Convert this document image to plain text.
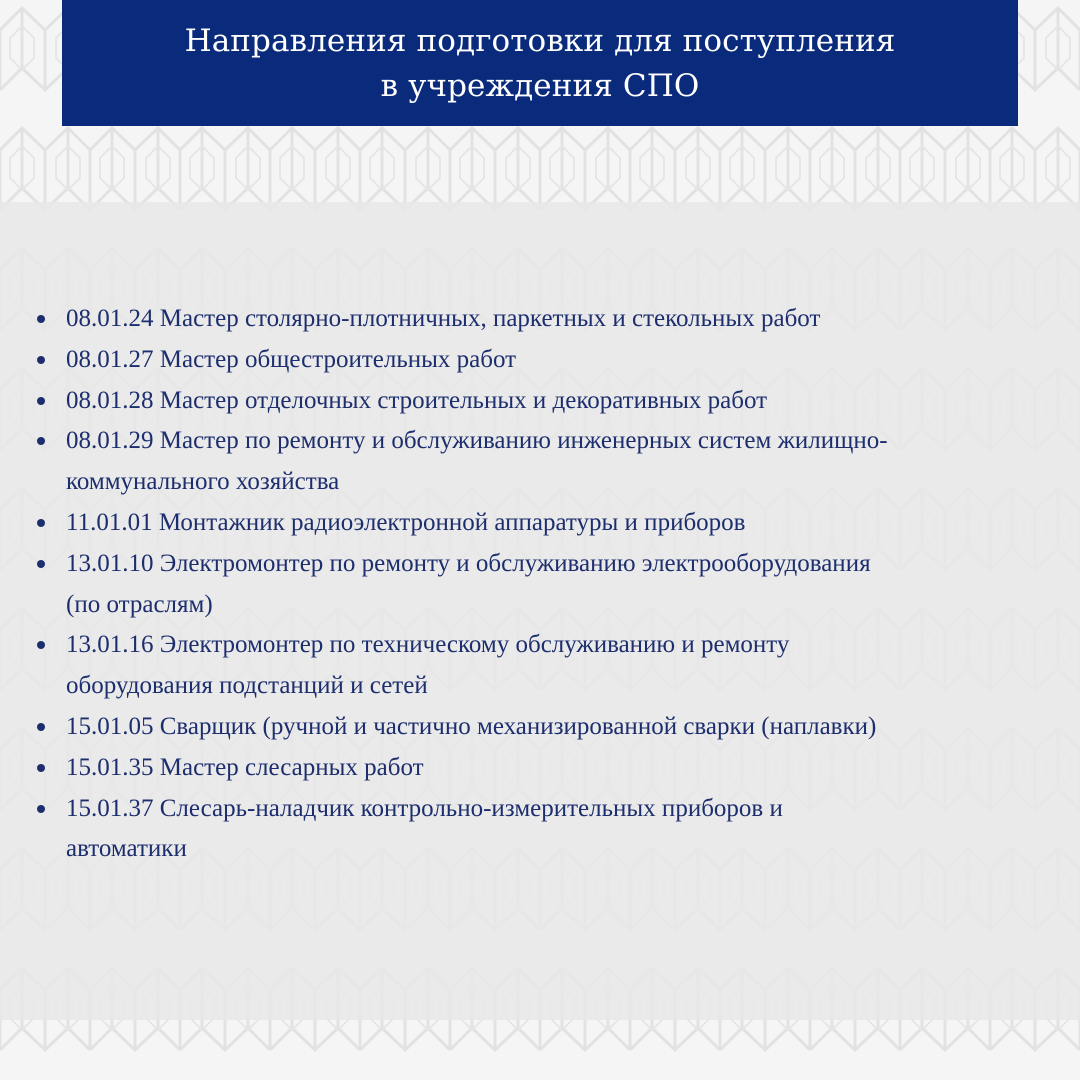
Направления подготовки для поступления
в учреждения СПО
08.01.24 Мастер столярно-плотничных, паркетных и стекольных работ
08.01.27 Мастер общестроительных работ
08.01.28 Мастер отделочных строительных и декоративных работ
08.01.29 Мастер по ремонту и обслуживанию инженерных систем жилищно-
коммунального хозяйства
11.01.01 Монтажник радиоэлектронной аппаратуры и приборов
13.01.10 Электромонтер по ремонту и обслуживанию электрооборудования
(по отраслям)
13.01.16 Электромонтер по техническому обслуживанию и ремонту
оборудования подстанций и сетей
15.01.05 Сварщик (ручной и частично механизированной сварки (наплавки)
15.01.35 Мастер слесарных работ
15.01.37 Слесарь-наладчик контрольно-измерительных приборов и
автоматики
